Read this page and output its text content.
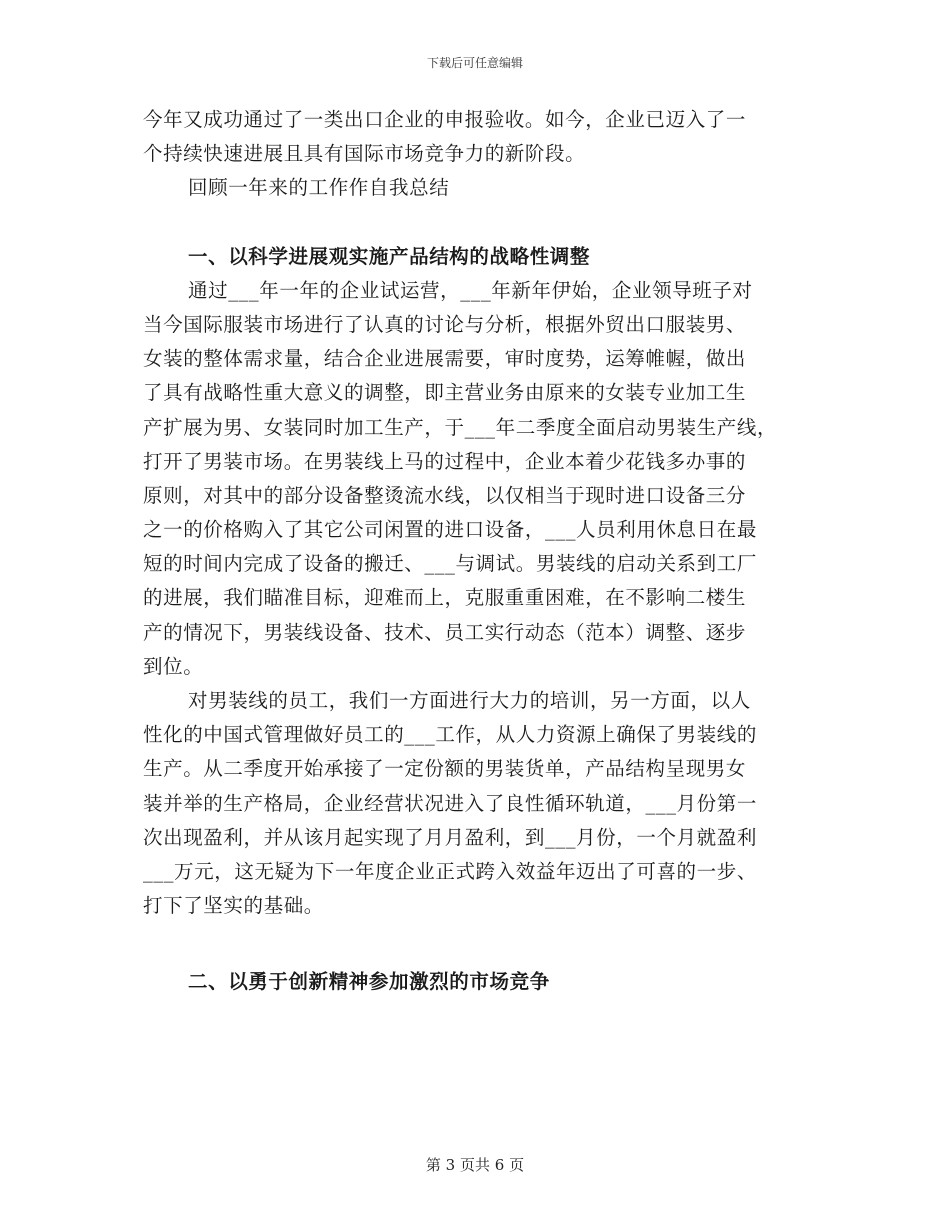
下载后可任意编辑
今年又成功通过了一类出口企业的申报验收。如今，企业已迈入了一
个持续快速进展且具有国际市场竞争力的新阶段。
回顾一年来的工作作自我总结
一、以科学进展观实施产品结构的战略性调整
通过___年一年的企业试运营，___年新年伊始，企业领导班子对
当今国际服装市场进行了认真的讨论与分析，根据外贸出口服装男、
女装的整体需求量，结合企业进展需要，审时度势，运筹帷幄，做出
了具有战略性重大意义的调整，即主营业务由原来的女装专业加工生
产扩展为男、女装同时加工生产，于___年二季度全面启动男装生产线，
打开了男装市场。在男装线上马的过程中，企业本着少花钱多办事的
原则，对其中的部分设备整烫流水线，以仅相当于现时进口设备三分
之一的价格购入了其它公司闲置的进口设备，___人员利用休息日在最
短的时间内完成了设备的搬迁、___与调试。男装线的启动关系到工厂
的进展，我们瞄准目标，迎难而上，克服重重困难，在不影响二楼生
产的情况下，男装线设备、技术、员工实行动态（范本）调整、逐步
到位。
对男装线的员工，我们一方面进行大力的培训，另一方面，以人
性化的中国式管理做好员工的___工作，从人力资源上确保了男装线的
生产。从二季度开始承接了一定份额的男装货单，产品结构呈现男女
装并举的生产格局，企业经营状况进入了良性循环轨道，___月份第一
次出现盈利，并从该月起实现了月月盈利，到___月份，一个月就盈利
___万元，这无疑为下一年度企业正式跨入效益年迈出了可喜的一步、
打下了坚实的基础。
二、以勇于创新精神参加激烈的市场竞争
第 3 页共 6 页
